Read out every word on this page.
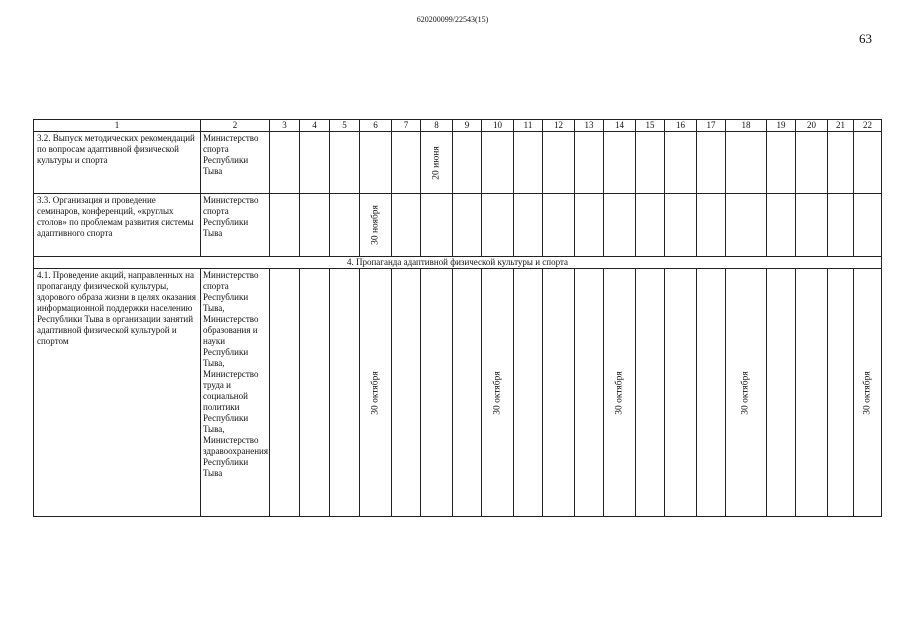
620200099/22543(15)
63
1	2	3	4	5	6	7	8	9	10	11	12	13	14	15	16	17	18	19	20	21	22
3.2. Выпуск методических рекомендаций по вопросам адаптивной физической культуры и спорта	Министерство спорта Республики Тыва						20 июня														

3.3. Организация и проведение семинаров, конференций, «круглых столов» по проблемам развития системы адаптивного спорта	Министерство спорта Республики Тыва				30 ноября																

4. Пропаганда адаптивной физической культуры и спорта																					
4.1. Проведение акций, направленных на пропаганду физической культуры, здорового образа жизни в целях оказания информационной поддержки населению Республики Тыва в организации занятий адаптивной физической культурой и спортом	Министерство спорта Республики Тыва, Министерство образования и науки Республики Тыва, Министерство труда и социальной политики Республики Тыва, Министерство здравоохранения Республики Тыва				30 октября				30 октября				30 октября				30 октября				30 октября
